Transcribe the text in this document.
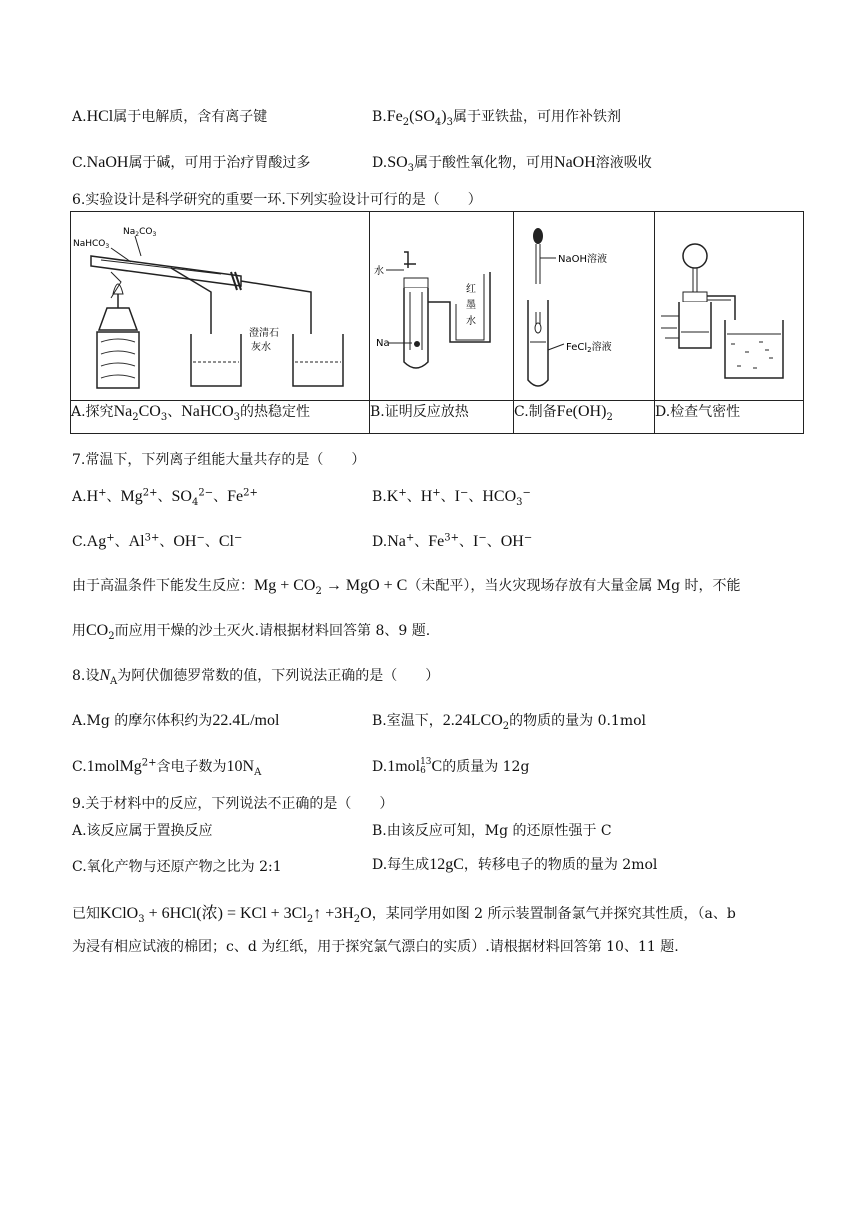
A.HCl属于电解质，含有离子键	$B.Fe_2(SO_4)_3$属于亚铁盐，可用作补铁剂
C.NaOH属于碱，可用于治疗胃酸过多	$D.SO_3$属于酸性氧化物，可用NaOH溶液吸收
6.实验设计是科学研究的重要一环.下列实验设计可行的是（　　）
$Na_2CO_3$
NaHCO$_3$
澄清石
灰水	水
Na
红
墨
水	NaOH溶液
FeCl$_2$溶液

A.探究$Na_2CO_3$、NaHCO$_3$的热稳定性	B.证明反应放热	C.制备$Fe(OH)_2$	D.检查气密性
7.常温下，下列离子组能大量共存的是（　　）
A.H+、$Mg^{2+}$、$SO_4^{2-}$、$Fe^{2+}$	B.K+、H+、I−、$HCO_3^-$
C.Ag+、$Al^{3+}$、OH−、Cl−	D.Na+、$Fe^{3+}$、I−、OH−
由于高温条件下能发生反应：$Mg + CO_2$ → MgO + C（未配平），当火灾现场存放有大量金属 Mg 时，不能
用$CO_2$而应用干燥的沙土灭火.请根据材料回答第 8、9 题.
8.设$N_A$为阿伏伽德罗常数的值，下列说法正确的是（　　）
A.Mg 的摩尔体积约为22.4L/mol	B.室温下，$2.24LCO_2$的物质的量为 0.1mol
C.1molMg$^{2+}$含电子数为$10N_A$	D.1mol 13
6 C的质量为 12g
9.关于材料中的反应，下列说法不正确的是（　　）
A.该反应属于置换反应	B.由该反应可知，Mg 的还原性强于 C
C.氧化产物与还原产物之比为 2:1	D.每生成12gC，转移电子的物质的量为 2mol
已知KClO$_3$ + 6HCl(浓) = KCl + $3Cl_2↑ +3H_2O$，某同学用如图 2 所示装置制备氯气并探究其性质，（a、b
为浸有相应试液的棉团；c、d 为红纸，用于探究氯气漂白的实质）.请根据材料回答第 10、11 题.
